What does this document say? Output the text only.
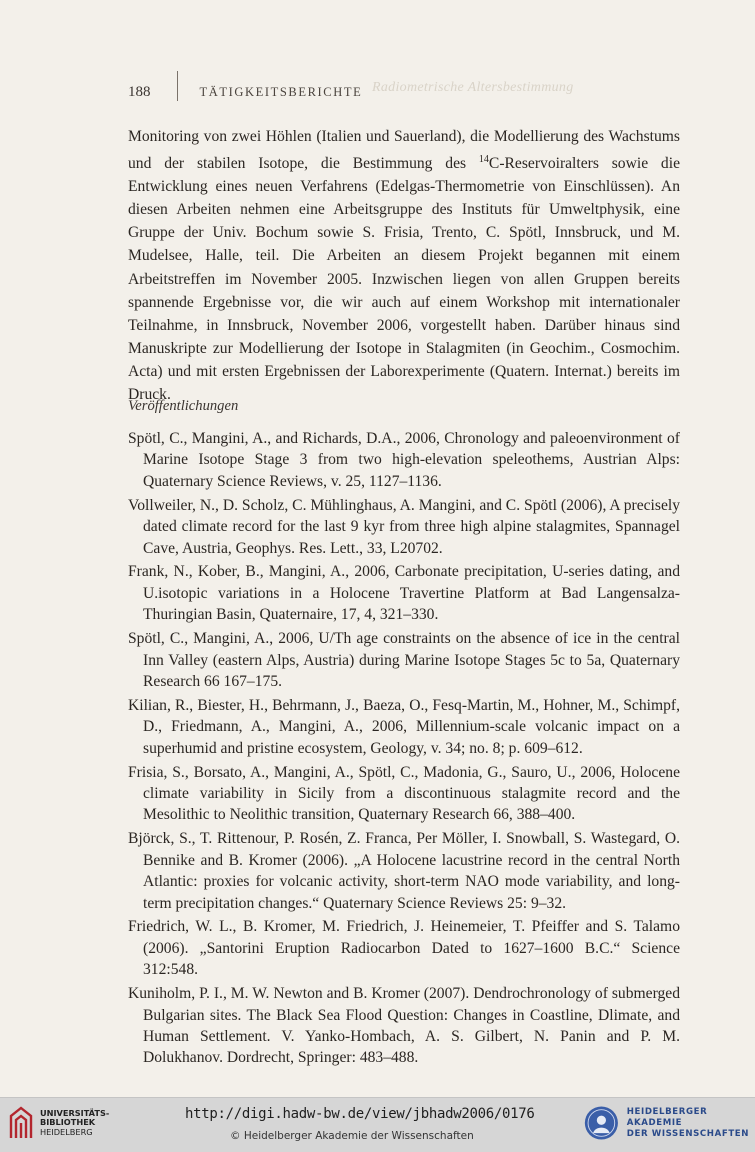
Radiometrische Altersbestimmung
188	TÄTIGKEITSBERICHTE

Monitoring von zwei Höhlen (Italien und Sauerland), die Modellierung des Wachstums und der stabilen Isotope, die Bestimmung des $^{14}$C-Reservoiralters sowie die Entwicklung eines neuen Verfahrens (Edelgas-Thermometrie von Einschlüssen). An diesen Arbeiten nehmen eine Arbeitsgruppe des Instituts für Umweltphysik, eine Gruppe der Univ. Bochum sowie S. Frisia, Trento, C. Spötl, Innsbruck, und M. Mudelsee, Halle, teil. Die Arbeiten an diesem Projekt begannen mit einem Arbeitstreffen im November 2005. Inzwischen liegen von allen Gruppen bereits spannende Ergebnisse vor, die wir auch auf einem Workshop mit internationaler Teilnahme, in Innsbruck, November 2006, vorgestellt haben. Darüber hinaus sind Manuskripte zur Modellierung der Isotope in Stalagmiten (in Geochim., Cosmochim. Acta) und mit ersten Ergebnissen der Laborexperimente (Quatern. Internat.) bereits im Druck.

Veröffentlichungen

Spötl, C., Mangini, A., and Richards, D.A., 2006, Chronology and paleoenvironment of Marine Isotope Stage 3 from two high-elevation speleothems, Austrian Alps: Quaternary Science Reviews, v. 25, 1127–1136.

Vollweiler, N., D. Scholz, C. Mühlinghaus, A. Mangini, and C. Spötl (2006), A precisely dated climate record for the last 9 kyr from three high alpine stalagmites, Spannagel Cave, Austria, Geophys. Res. Lett., 33, L20702.

Frank, N., Kober, B., Mangini, A., 2006, Carbonate precipitation, U-series dating, and U.isotopic variations in a Holocene Travertine Platform at Bad Langensalza-Thuringian Basin, Quaternaire, 17, 4, 321–330.

Spötl, C., Mangini, A., 2006, U/Th age constraints on the absence of ice in the central Inn Valley (eastern Alps, Austria) during Marine Isotope Stages 5c to 5a, Quaternary Research 66 167–175.

Kilian, R., Biester, H., Behrmann, J., Baeza, O., Fesq-Martin, M., Hohner, M., Schimpf, D., Friedmann, A., Mangini, A., 2006, Millennium-scale volcanic impact on a superhumid and pristine ecosystem, Geology, v. 34; no. 8; p. 609–612.

Frisia, S., Borsato, A., Mangini, A., Spötl, C., Madonia, G., Sauro, U., 2006, Holocene climate variability in Sicily from a discontinuous stalagmite record and the Mesolithic to Neolithic transition, Quaternary Research 66, 388–400.

Björck, S., T. Rittenour, P. Rosén, Z. Franca, Per Möller, I. Snowball, S. Wastegard, O. Bennike and B. Kromer (2006). „A Holocene lacustrine record in the central North Atlantic: proxies for volcanic activity, short-term NAO mode variability, and long-term precipitation changes.“ Quaternary Science Reviews 25: 9–32.

Friedrich, W. L., B. Kromer, M. Friedrich, J. Heinemeier, T. Pfeiffer and S. Talamo (2006). „Santorini Eruption Radiocarbon Dated to 1627–1600 B.C.“ Science 312:548.

Kuniholm, P. I., M. W. Newton and B. Kromer (2007). Dendrochronology of submerged Bulgarian sites. The Black Sea Flood Question: Changes in Coastline, Dlimate, and Human Settlement. V. Yanko-Hombach, A. S. Gilbert, N. Panin and P. M. Dolukhanov. Dordrecht, Springer: 483–488.

UNIVERSITÄTS-
BIBLIOTHEK
HEIDELBERG
http://digi.hadw-bw.de/view/jbhadw2006/0176
© Heidelberger Akademie der Wissenschaften
HEIDELBERGER AKADEMIE
DER WISSENSCHAFTEN
